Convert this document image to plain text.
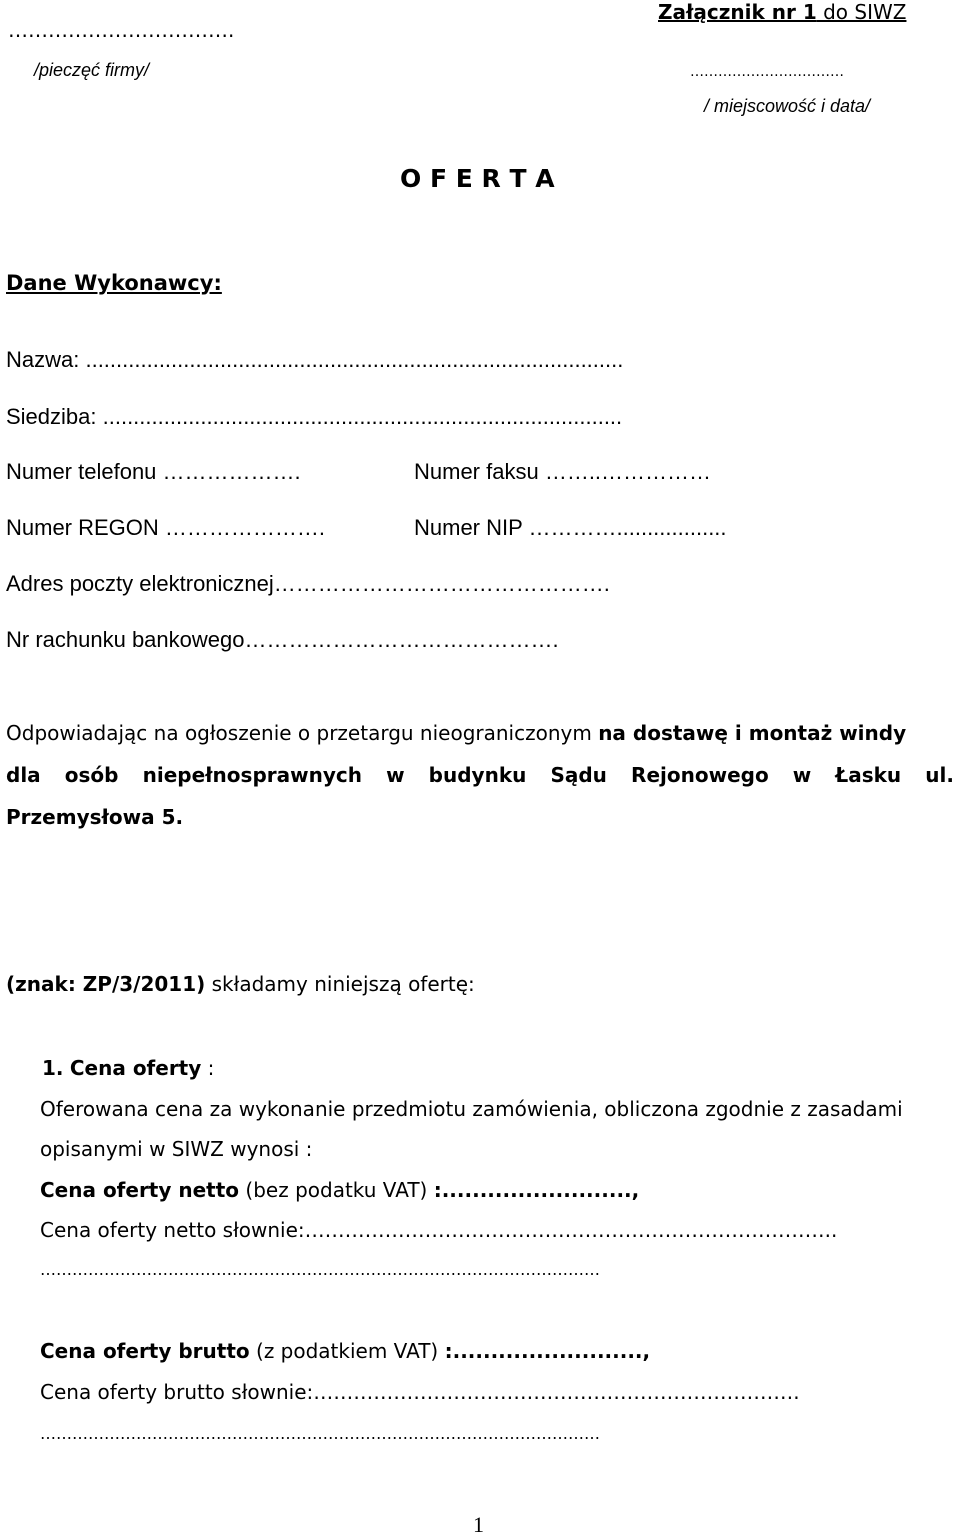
…………………………….
/pieczęć firmy/
Załącznik nr 1 do SIWZ
……………………………
/ miejscowość i data/
O F E R T A
Dane Wykonawcy:
Nazwa: ........................................................................................
Siedziba: .....................................................................................
Numer telefonu ……………….	Numer faksu ……..……………
Numer REGON ………………….	Numer NIP …………..................
Adres poczty elektronicznej……………………………………….
Nr rachunku bankowego…………………………………….
Odpowiadając na ogłoszenie o przetargu nieograniczonym na dostawę i montaż windy
dla osób niepełnosprawnych w budynku Sądu Rejonowego w Łasku ul.
Przemysłowa 5.
(znak: ZP/3/2011) składamy niniejszą ofertę:
1. Cena oferty :
Oferowana cena za wykonanie przedmiotu zamówienia, obliczona zgodnie z zasadami
opisanymi w SIWZ wynosi :
Cena oferty netto (bez podatku VAT) :.........................,
Cena oferty netto słownie:……………………………………………………………………..
……………………………………………………………………………………………
Cena oferty brutto (z podatkiem VAT) :.........................,
Cena oferty brutto słownie:……………………………………………………………….
……………………………………………………………………………………………
1
